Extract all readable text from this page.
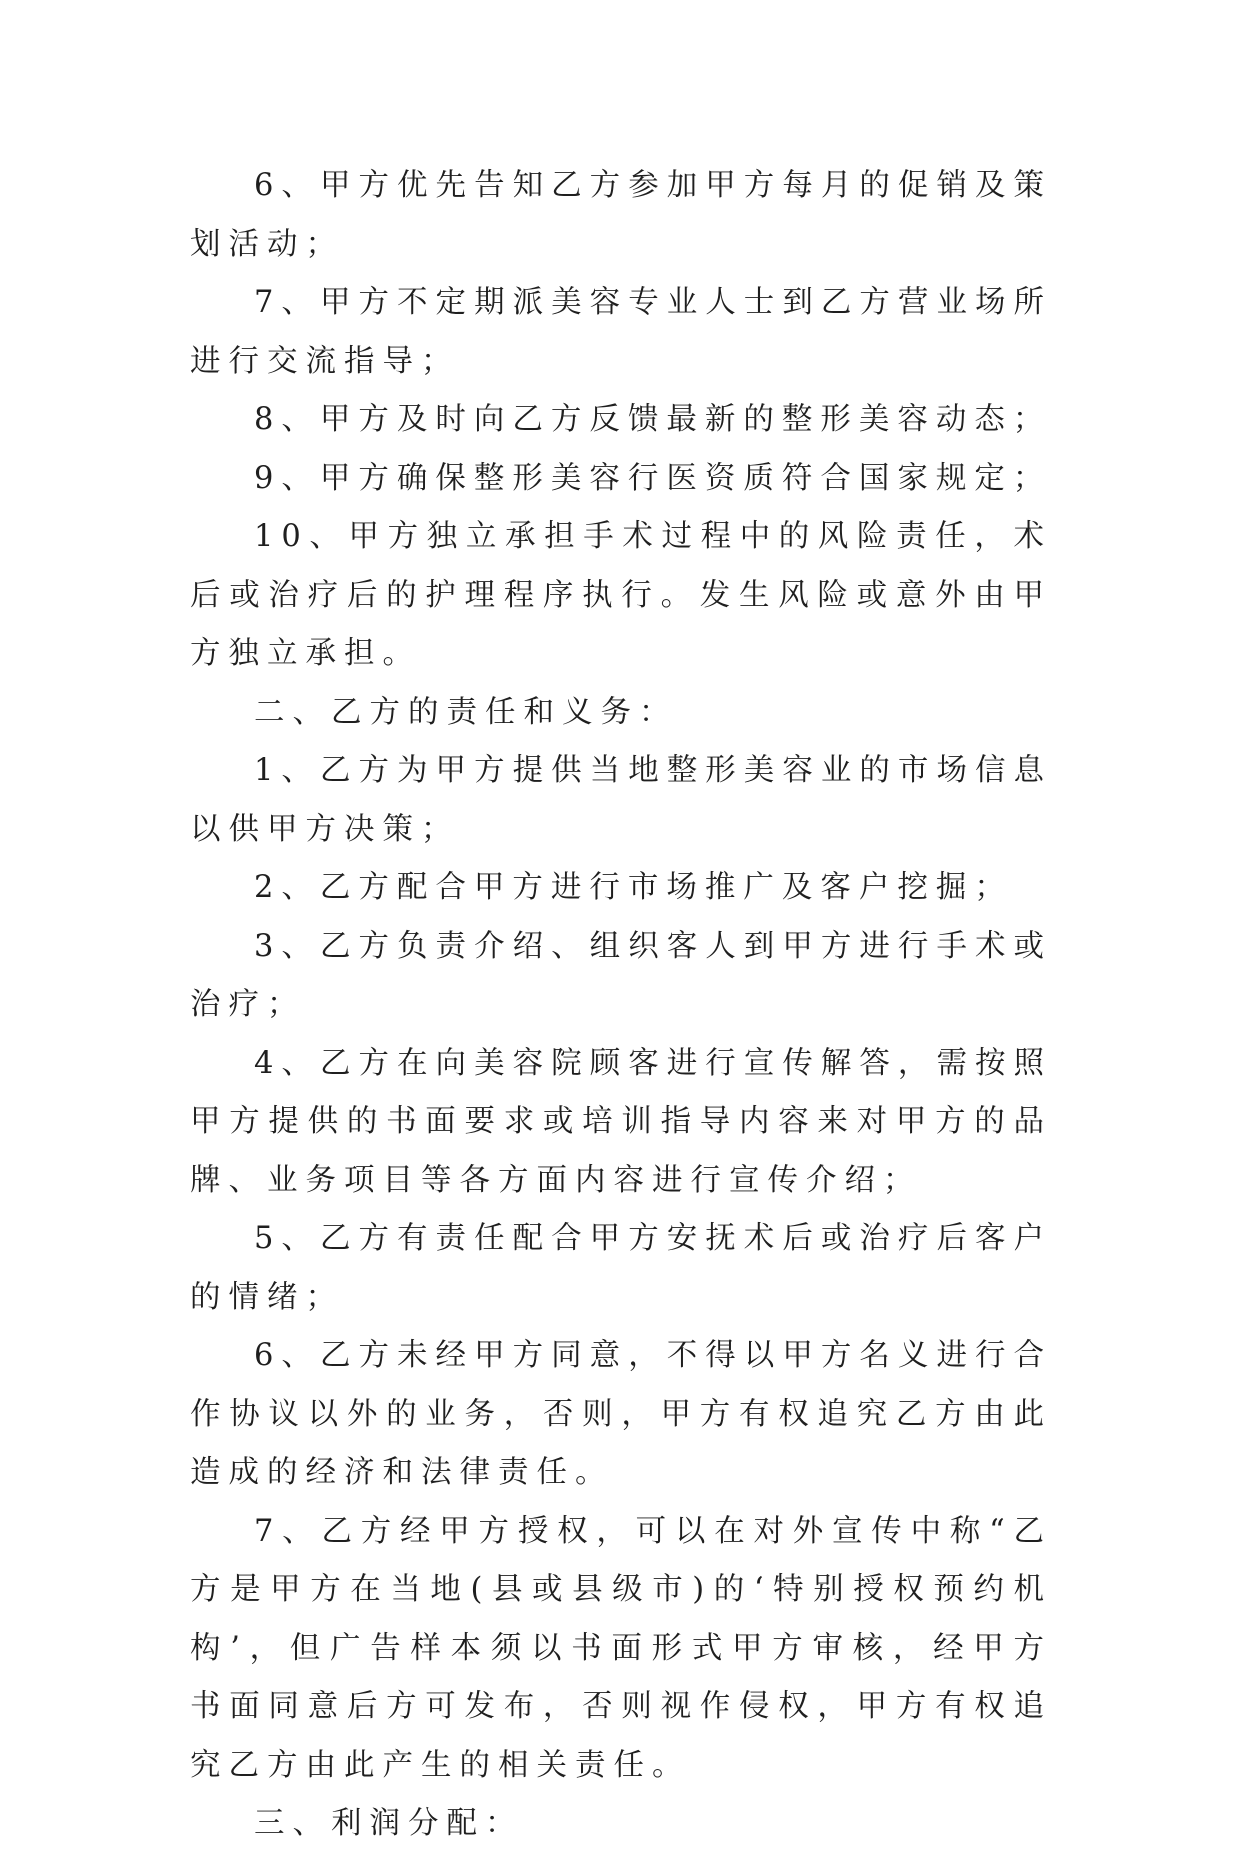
6、甲方优先告知乙方参加甲方每月的促销及策划活动；

7、甲方不定期派美容专业人士到乙方营业场所进行交流指导；

8、甲方及时向乙方反馈最新的整形美容动态；

9、甲方确保整形美容行医资质符合国家规定；

10、甲方独立承担手术过程中的风险责任，术后或治疗后的护理程序执行。发生风险或意外由甲方独立承担。

二、乙方的责任和义务：

1、乙方为甲方提供当地整形美容业的市场信息以供甲方决策；

2、乙方配合甲方进行市场推广及客户挖掘；

3、乙方负责介绍、组织客人到甲方进行手术或治疗；

4、乙方在向美容院顾客进行宣传解答，需按照甲方提供的书面要求或培训指导内容来对甲方的品牌、业务项目等各方面内容进行宣传介绍；

5、乙方有责任配合甲方安抚术后或治疗后客户的情绪；

6、乙方未经甲方同意，不得以甲方名义进行合作协议以外的业务，否则，甲方有权追究乙方由此造成的经济和法律责任。

7、乙方经甲方授权，可以在对外宣传中称“乙方是甲方在当地(县或县级市)的‘特别授权预约机构’，但广告样本须以书面形式甲方审核，经甲方书面同意后方可发布，否则视作侵权，甲方有权追究乙方由此产生的相关责任。

三、利润分配：
